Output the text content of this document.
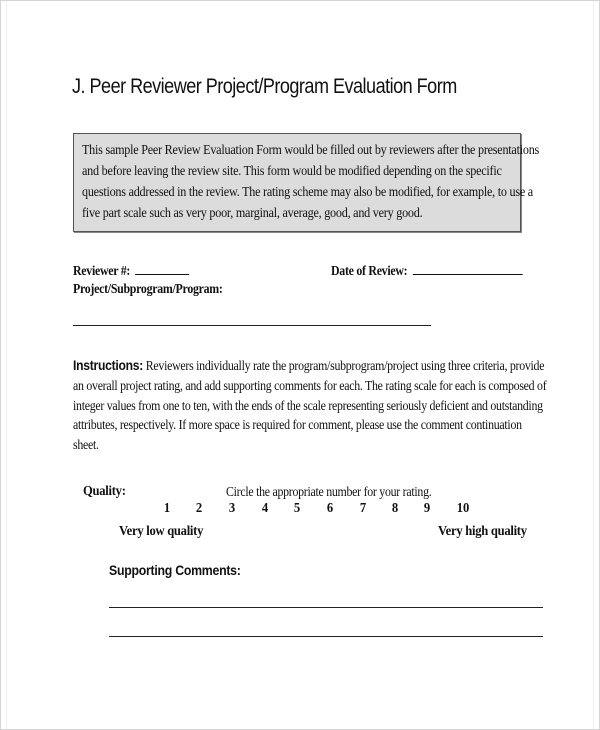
J. Peer Reviewer Project/Program Evaluation Form
This sample Peer Review Evaluation Form would be filled out by reviewers after the presentations
and before leaving the review site. This form would be modified depending on the specific
questions addressed in the review. The rating scheme may also be modified, for example, to use a
five part scale such as very poor, marginal, average, good, and very good.
Reviewer #:	Date of Review:
Project/Subprogram/Program:
Instructions: Reviewers individually rate the program/subprogram/project using three criteria, provide
an overall project rating, and add supporting comments for each. The rating scale for each is composed of
integer values from one to ten, with the ends of the scale representing seriously deficient and outstanding
attributes, respectively. If more space is required for comment, please use the comment continuation
sheet.
Quality:	Circle the appropriate number for your rating.
1	2	3	4	5	6	7	8	9	10
Very low quality	Very high quality
Supporting Comments:
